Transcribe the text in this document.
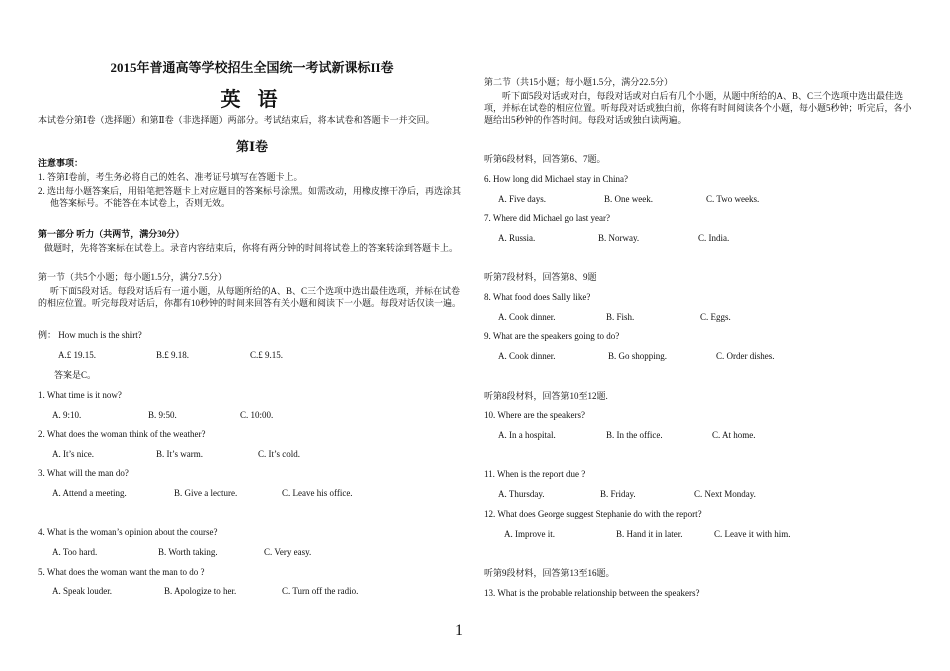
2015年普通高等学校招生全国统一考试新课标II卷
英 语
本试卷分第Ⅰ卷（选择题）和第Ⅱ卷（非选择题）两部分。考试结束后，将本试卷和答题卡一并交回。
第Ⅰ卷
注意事项：
1. 答第Ⅰ卷前，考生务必将自己的姓名、准考证号填写在答题卡上。
2. 选出每小题答案后，用铅笔把答题卡上对应题目的答案标号涂黑。如需改动，用橡皮擦干净后，再选涂其他答案标号。不能答在本试卷上，否则无效。
第一部分 听力（共两节，满分30分）
做题时，先将答案标在试卷上。录音内容结束后，你将有两分钟的时间将试卷上的答案转涂到答题卡上。
第一节（共5个小题；每小题1.5分，满分7.5分）
听下面5段对话。每段对话后有一道小题，从每题所给的A、B、C三个选项中选出最佳选项，并标在试卷的相应位置。听完每段对话后，你都有10秒钟的时间来回答有关小题和阅读下一小题。每段对话仅读一遍。
例： How much is the shirt?
A.£ 19.15.	B.£ 9.18.	C.£ 9.15.
答案是C。
1. What time is it now?
A. 9:10.	B. 9:50.	C. 10:00.
2. What does the woman think of the weather?
A. It’s nice.	B. It’s warm.	C. It’s cold.
3. What will the man do?
A. Attend a meeting.	B. Give a lecture.	C. Leave his office.
4. What is the woman’s opinion about the course?
A. Too hard.	B. Worth taking.	C. Very easy.
5. What does the woman want the man to do ?
A. Speak louder.	B. Apologize to her.	C. Turn off the radio.
第二节（共15小题；每小题1.5分，满分22.5分）
听下面5段对话或对白，每段对话或对白后有几个小题，从题中所给的A、B、C三个选项中选出最佳选项，并标在试卷的相应位置。听每段对话或独白前，你将有时间阅读各个小题，每小题5秒钟；听完后，各小题给出5秒钟的作答时间。每段对话或独白读两遍。
听第6段材料，回答第6、7题。
6. How long did Michael stay in China?
A. Five days.	B. One week.	C. Two weeks.
7. Where did Michael go last year?
A. Russia.	B. Norway.	C. India.
听第7段材料，回答第8、9题
8. What food does Sally like?
A. Cook dinner.	B. Fish.	C. Eggs.
9. What are the speakers going to do?
A. Cook dinner.	B. Go shopping.	C. Order dishes.
听第8段材料，回答第10至12题.
10. Where are the speakers?
A. In a hospital.	B. In the office.	C. At home.
11. When is the report due ?
A. Thursday.	B. Friday.	C. Next Monday.
12. What does George suggest Stephanie do with the report?
A. Improve it.	B. Hand it in later.	C. Leave it with him.
听第9段材料，回答第13至16题。
13. What is the probable relationship between the speakers?
1
